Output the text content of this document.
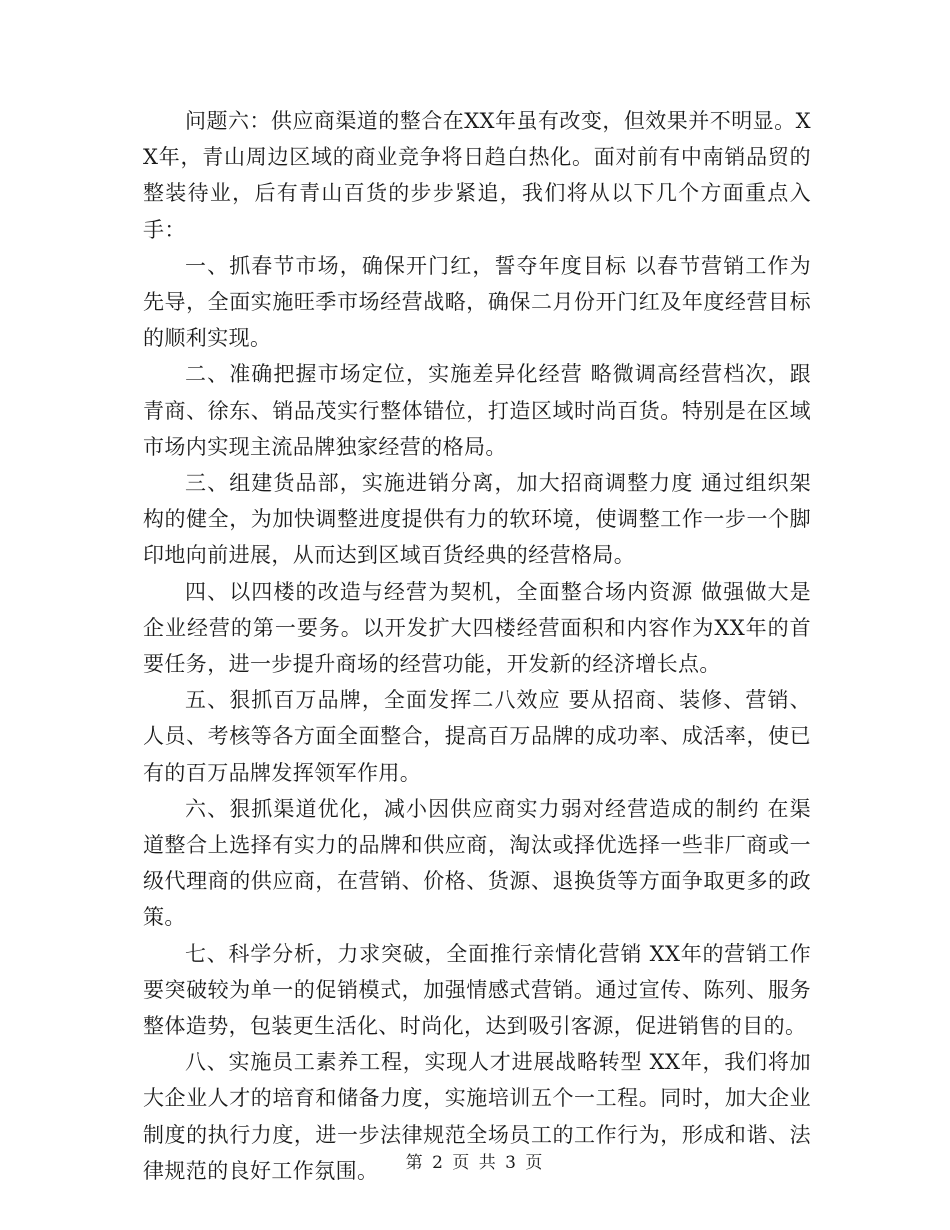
问题六：供应商渠道的整合在XX年虽有改变，但效果并不明显。XX年，青山周边区域的商业竞争将日趋白热化。面对前有中南销品贸的整装待业，后有青山百货的步步紧追，我们将从以下几个方面重点入手：

一、抓春节市场，确保开门红，誓夺年度目标 以春节营销工作为先导，全面实施旺季市场经营战略，确保二月份开门红及年度经营目标的顺利实现。

二、准确把握市场定位，实施差异化经营 略微调高经营档次，跟青商、徐东、销品茂实行整体错位，打造区域时尚百货。特别是在区域市场内实现主流品牌独家经营的格局。

三、组建货品部，实施进销分离，加大招商调整力度 通过组织架构的健全，为加快调整进度提供有力的软环境，使调整工作一步一个脚印地向前进展，从而达到区域百货经典的经营格局。

四、以四楼的改造与经营为契机，全面整合场内资源 做强做大是企业经营的第一要务。以开发扩大四楼经营面积和内容作为XX年的首要任务，进一步提升商场的经营功能，开发新的经济增长点。

五、狠抓百万品牌，全面发挥二八效应 要从招商、装修、营销、人员、考核等各方面全面整合，提高百万品牌的成功率、成活率，使已有的百万品牌发挥领军作用。

六、狠抓渠道优化，减小因供应商实力弱对经营造成的制约 在渠道整合上选择有实力的品牌和供应商，淘汰或择优选择一些非厂商或一级代理商的供应商，在营销、价格、货源、退换货等方面争取更多的政策。

七、科学分析，力求突破，全面推行亲情化营销 XX年的营销工作要突破较为单一的促销模式，加强情感式营销。通过宣传、陈列、服务整体造势，包装更生活化、时尚化，达到吸引客源，促进销售的目的。

八、实施员工素养工程，实现人才进展战略转型 XX年，我们将加大企业人才的培育和储备力度，实施培训五个一工程。同时，加大企业制度的执行力度，进一步法律规范全场员工的工作行为，形成和谐、法律规范的良好工作氛围。	第 2 页 共 3 页
